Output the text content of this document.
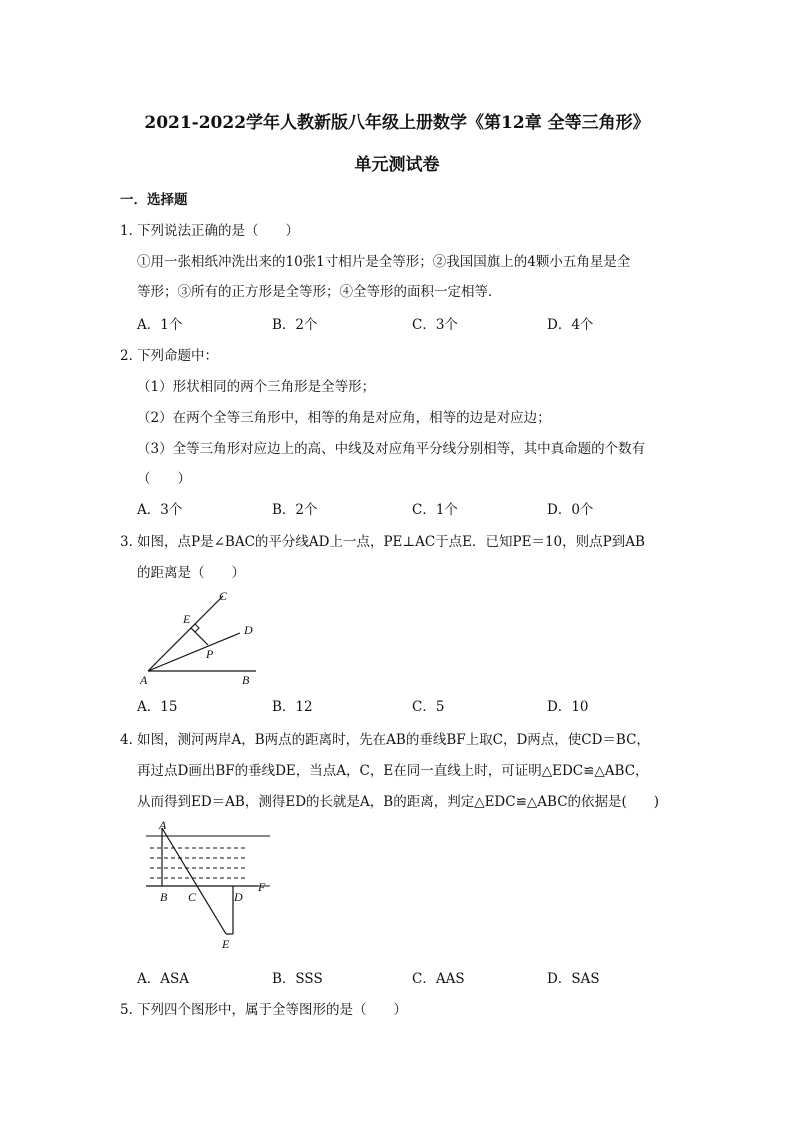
2021-2022学年人教新版八年级上册数学《第12章 全等三角形》
单元测试卷
一．选择题
1．
下列说法正确的是（　　）
①用一张相纸冲洗出来的10张1寸相片是全等形；②我国国旗上的4颗小五角星是全
等形；③所有的正方形是全等形；④全等形的面积一定相等．
A．1个	B．2个	C．3个	D．4个
2．
下列命题中：
（1）形状相同的两个三角形是全等形；
（2）在两个全等三角形中，相等的角是对应角，相等的边是对应边；
（3）全等三角形对应边上的高、中线及对应角平分线分别相等，其中真命题的个数有
（　　）
A．3个	B．2个	C．1个	D．0个
3．
如图，点P是∠BAC的平分线AD上一点，PE⊥AC于点E．已知PE＝10，则点P到AB
的距离是（　　）
C
E
D
P
A	B
A．15	B．12	C．5	D．10
4．
如图，测河两岸A，B两点的距离时，先在AB的垂线BF上取C，D两点，使CD＝BC，
再过点D画出BF的垂线DE，当点A，C，E在同一直线上时，可证明△EDC≌△ABC，
从而得到ED＝AB，测得ED的长就是A，B的距离，判定△EDC≌△ABC的依据是(　　)
A
B C	D
F
E
A．ASA	B．SSS	C．AAS	D．SAS
5．
下列四个图形中，属于全等图形的是（　　）
